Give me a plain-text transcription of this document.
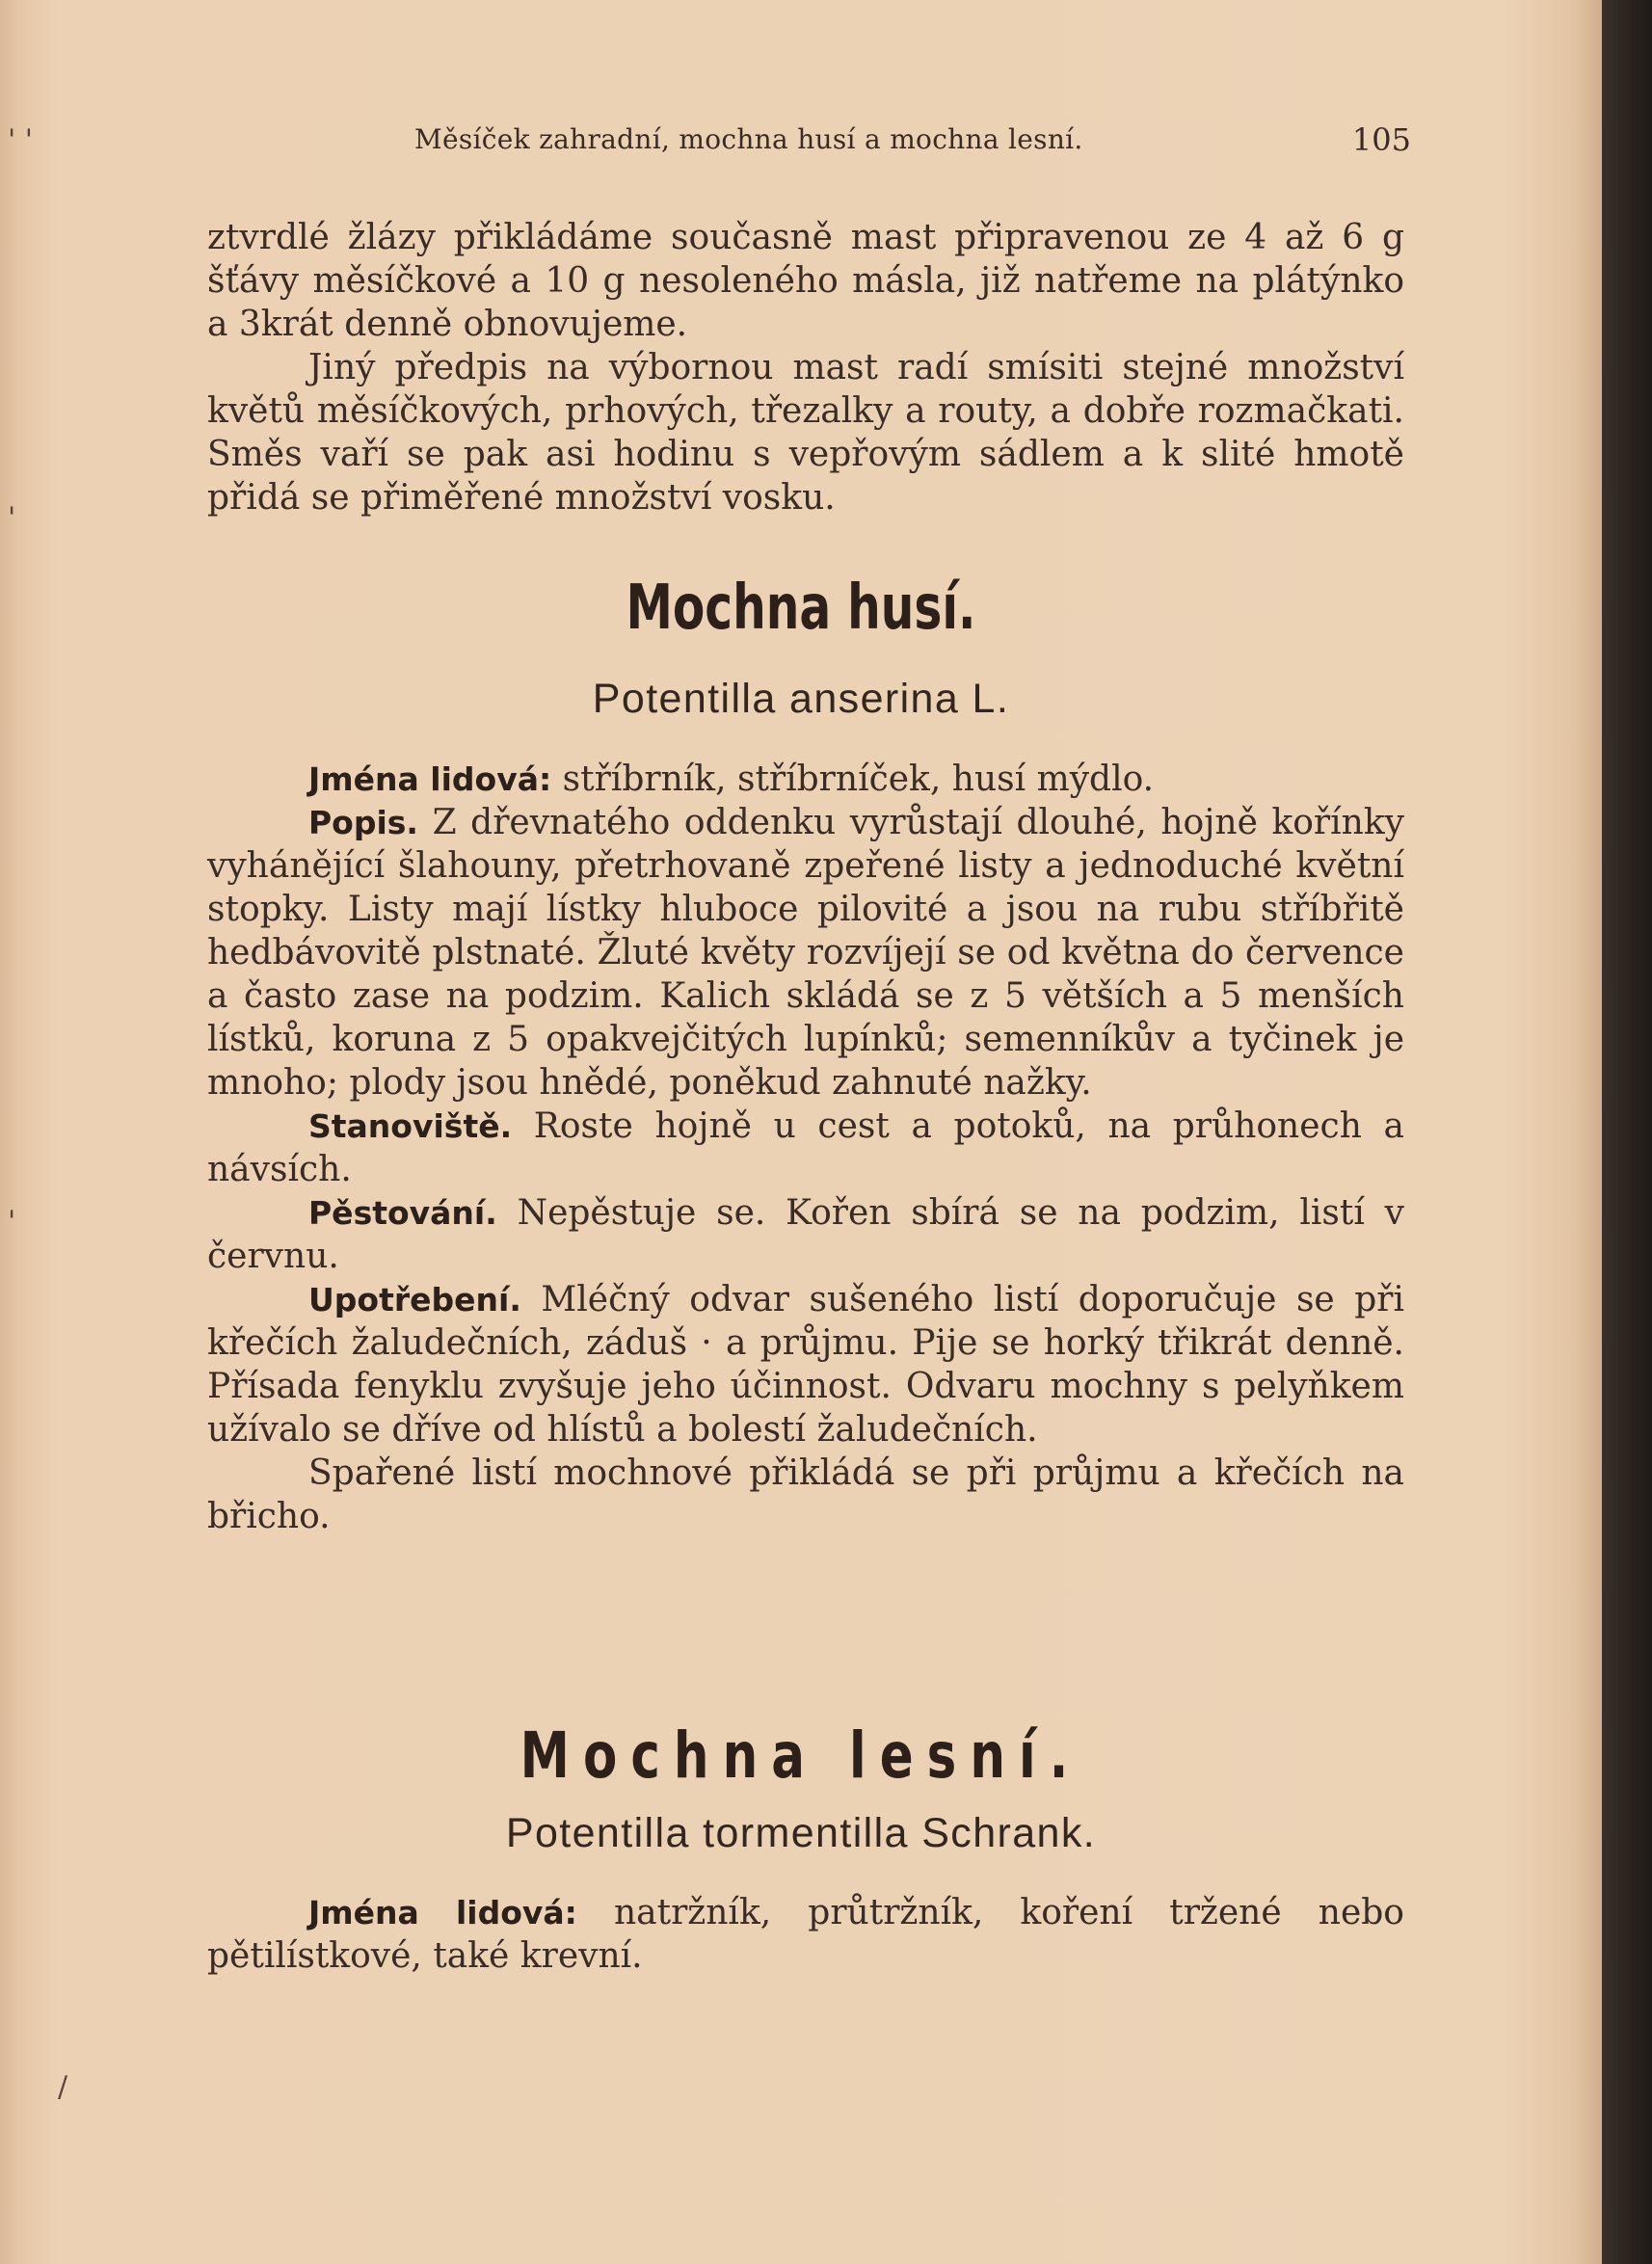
ꞌ ꞌ
ꞌ
ꞌ
/
Měsíček zahradní, mochna husí a mochna lesní.	105

ztvrdlé žlázy přikládáme současně mast připravenou ze 4 až 6 g šťávy měsíčkové a 10 g nesoleného másla, již natřeme na plátýnko a 3krát denně obnovujeme.

Jiný předpis na výbornou mast radí smísiti stejné množství květů měsíčkových, prhových, třezalky a routy, a dobře rozmačkati. Směs vaří se pak asi hodinu s vepřovým sádlem a k slité hmotě přidá se přiměřené množství vosku.

Mochna husí.
Potentilla anserina L.

Jména lidová: stříbrník, stříbrníček, husí mýdlo.

Popis. Z dřevnatého oddenku vyrůstají dlouhé, hojně kořínky vyhánějící šlahouny, přetrhovaně zpeřené listy a jednoduché květní stopky. Listy mají lístky hluboce pilovité a jsou na rubu stříbřitě hedbávovitě plstnaté. Žluté květy rozvíjejí se od května do července a často zase na podzim. Kalich skládá se z 5 větších a 5 menších lístků, koruna z 5 opakvejčitých lupínků; semenníkův a tyčinek je mnoho; plody jsou hnědé, poněkud zahnuté nažky.

Stanoviště. Roste hojně u cest a potoků, na průhonech a návsích.

Pěstování. Nepěstuje se. Kořen sbírá se na podzim, listí v červnu.

Upotřebení. Mléčný odvar sušeného listí doporučuje se při křečích žaludečních, záduš · a průjmu. Pije se horký třikrát denně. Přísada fenyklu zvyšuje jeho účinnost. Odvaru mochny s pelyňkem užívalo se dříve od hlístů a bolestí žaludečních.

Spařené listí mochnové přikládá se při průjmu a křečích na břicho.

Mochna lesní.
Potentilla tormentilla Schrank.

Jména lidová: natržník, průtržník, koření tržené nebo pětilístkové, také krevní.
